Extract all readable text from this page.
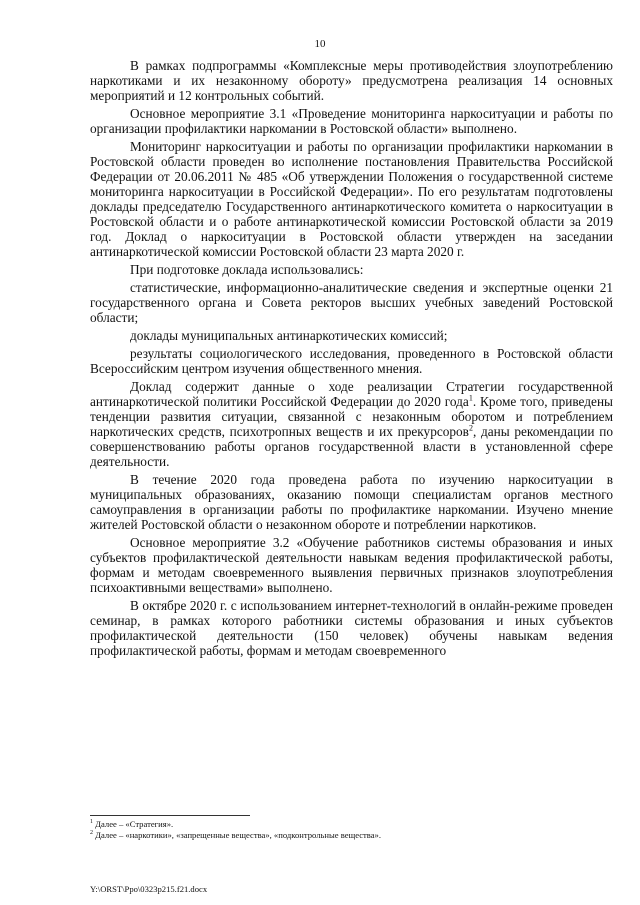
10

В рамках подпрограммы «Комплексные меры противодействия злоупотреблению наркотиками и их незаконному обороту» предусмотрена реализация 14 основных мероприятий и 12 контрольных событий.

Основное мероприятие 3.1 «Проведение мониторинга наркоситуации и работы по организации профилактики наркомании в Ростовской области» выполнено.

Мониторинг наркоситуации и работы по организации профилактики наркомании в Ростовской области проведен во исполнение постановления Правительства Российской Федерации от 20.06.2011 № 485 «Об утверждении Положения о государственной системе мониторинга наркоситуации в Российской Федерации». По его результатам подготовлены доклады председателю Государственного антинаркотического комитета о наркоситуации в Ростовской области и о работе антинаркотической комиссии Ростовской области за 2019 год. Доклад о наркоситуации в Ростовской области утвержден на заседании антинаркотической комиссии Ростовской области 23 марта 2020 г.

При подготовке доклада использовались:

статистические, информационно-аналитические сведения и экспертные оценки 21 государственного органа и Совета ректоров высших учебных заведений Ростовской области;

доклады муниципальных антинаркотических комиссий;

результаты социологического исследования, проведенного в Ростовской области Всероссийским центром изучения общественного мнения.

Доклад содержит данные о ходе реализации Стратегии государственной антинаркотической политики Российской Федерации до 2020 года$^1$. Кроме того, приведены тенденции развития ситуации, связанной с незаконным оборотом и потреблением наркотических средств, психотропных веществ и их прекурсоров$^2$, даны рекомендации по совершенствованию работы органов государственной власти в установленной сфере деятельности.

В течение 2020 года проведена работа по изучению наркоситуации в муниципальных образованиях, оказанию помощи специалистам органов местного самоуправления в организации работы по профилактике наркомании. Изучено мнение жителей Ростовской области о незаконном обороте и потреблении наркотиков.

Основное мероприятие 3.2 «Обучение работников системы образования и иных субъектов профилактической деятельности навыкам ведения профилактической работы, формам и методам своевременного выявления первичных признаков злоупотребления психоактивными веществами» выполнено.

В октябре 2020 г. с использованием интернет-технологий в онлайн-режиме проведен семинар, в рамках которого работники системы образования и иных субъектов профилактической деятельности (150 человек) обучены навыкам ведения профилактической работы, формам и методам своевременного

$^1$ Далее – «Стратегия».

$^2$ Далее – «наркотики», «запрещенные вещества», «подконтрольные вещества».

Y:\ORST\Ppo\0323p215.f21.docx
